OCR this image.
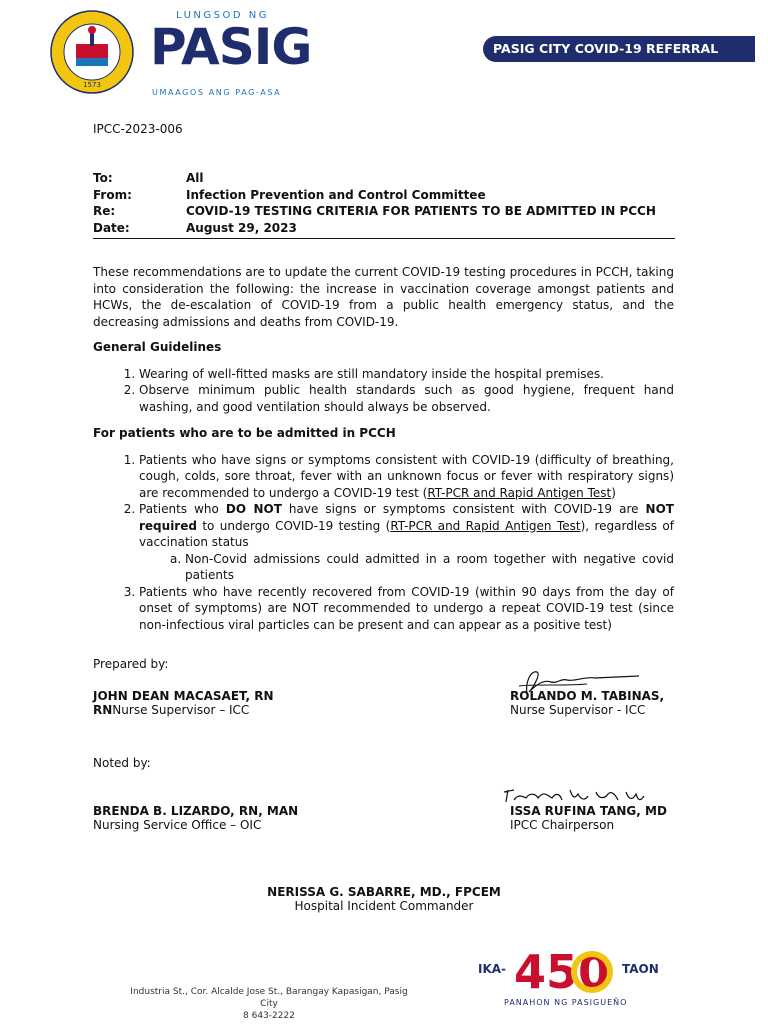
1573
LUNGSOD NG
PASIG
UMAAGOS ANG PAG-ASA
PASIG CITY COVID-19 REFERRAL CENTER
IPCC-2023-006
To:	All
From:	Infection Prevention and Control Committee
Re:	COVID-19 TESTING CRITERIA FOR PATIENTS TO BE ADMITTED IN PCCH
Date:	August 29, 2023

These recommendations are to update the current COVID-19 testing procedures in PCCH, taking into consideration the following: the increase in vaccination coverage amongst patients and HCWs, the de-escalation of COVID-19 from a public health emergency status, and the decreasing admissions and deaths from COVID-19.

General Guidelines

1. Wearing of well-fitted masks are still mandatory inside the hospital premises.
2. Observe minimum public health standards such as good hygiene, frequent hand washing, and good ventilation should always be observed.

For patients who are to be admitted in PCCH

1. Patients who have signs or symptoms consistent with COVID-19 (difficulty of breathing, cough, colds, sore throat, fever with an unknown focus or fever with respiratory signs) are recommended to undergo a COVID-19 test (RT-PCR and Rapid Antigen Test)
2. Patients who DO NOT have signs or symptoms consistent with COVID-19 are NOT required to undergo COVID-19 testing (RT-PCR and Rapid Antigen Test), regardless of vaccination status
a. Non-Covid admissions could admitted in a room together with negative covid patients
3. Patients who have recently recovered from COVID-19 (within 90 days from the day of onset of symptoms) are NOT recommended to undergo a repeat COVID-19 test (since non-infectious viral particles can be present and can appear as a positive test)
Prepared by:
JOHN DEAN MACASAET, RN
RNNurse Supervisor – ICC
ROLANDO M. TABINAS,
Nurse Supervisor - ICC
Noted by:
BRENDA B. LIZARDO, RN, MAN
Nursing Service Office – OIC
ISSA RUFINA TANG, MD
IPCC Chairperson
NERISSA G. SABARRE, MD., FPCEM
Hospital Incident Commander
Industria St., Cor. Alcalde Jose St., Barangay Kapasigan, Pasig City
8 643-2222
IKA- 450 TAON
PANAHON NG PASIGUEÑO
